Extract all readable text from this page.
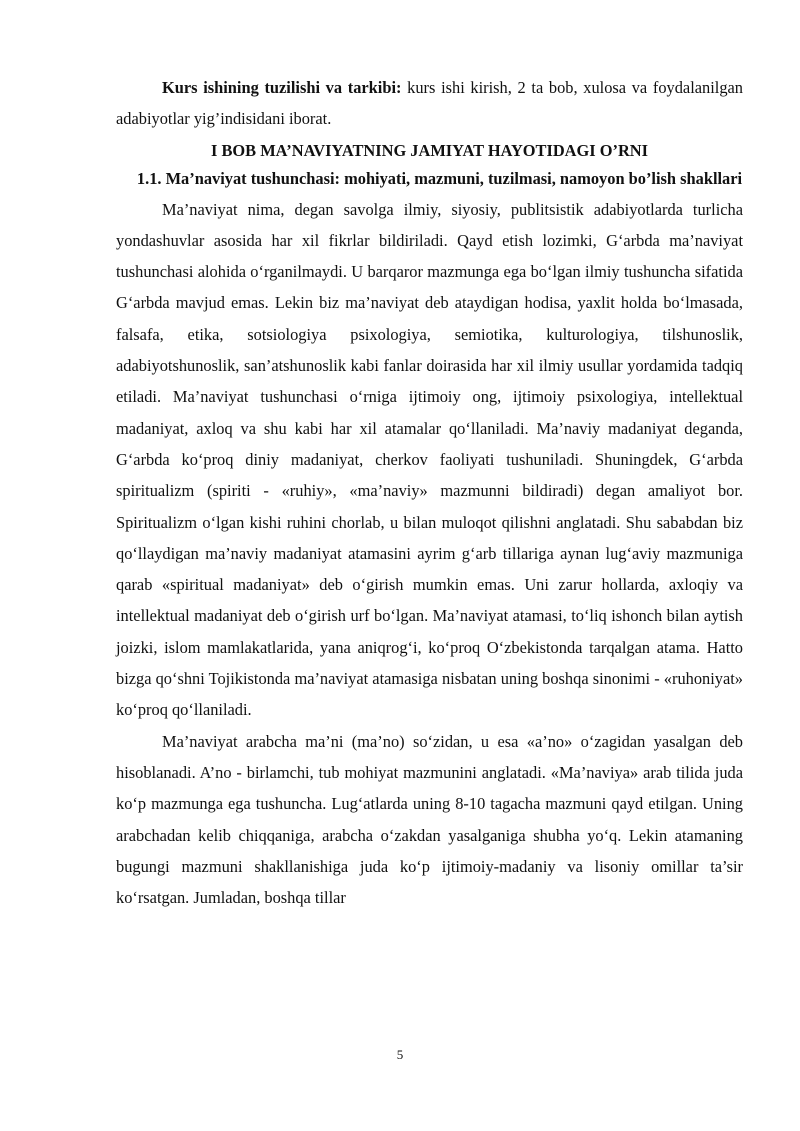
Kurs ishining tuzilishi va tarkibi: kurs ishi kirish, 2 ta bob, xulosa va foydalanilgan adabiyotlar yig’indisidani iborat.

I BOB MA’NAVIYATNING JAMIYAT HAYOTIDAGI O’RNI
1.1. Ma’naviyat tushunchasi: mohiyati, mazmuni, tuzilmasi, namoyon bo’lish shakllari

Ma’naviyat nima, degan savolga ilmiy, siyosiy, publitsistik adabiyotlarda turlicha yondashuvlar asosida har xil fikrlar bildiriladi. Qayd etish lozimki, G‘arbda ma’naviyat tushunchasi alohida o‘rganilmaydi. U barqaror mazmunga ega bo‘lgan ilmiy tushuncha sifatida G‘arbda mavjud emas. Lekin biz ma’naviyat deb ataydigan hodisa, yaxlit holda bo‘lmasada, falsafa, etika, sotsiologiya psixologiya, semiotika, kulturologiya, tilshunoslik, adabiyotshunoslik, san’atshunoslik kabi fanlar doirasida har xil ilmiy usullar yordamida tadqiq etiladi. Ma’naviyat tushunchasi o‘rniga ijtimoiy ong, ijtimoiy psixologiya, intellektual madaniyat, axloq va shu kabi har xil atamalar qo‘llaniladi. Ma’naviy madaniyat deganda, G‘arbda ko‘proq diniy madaniyat, cherkov faoliyati tushuniladi. Shuningdek, G‘arbda spiritualizm (spiriti - «ruhiy», «ma’naviy» mazmunni bildiradi) degan amaliyot bor. Spiritualizm o‘lgan kishi ruhini chorlab, u bilan muloqot qilishni anglatadi. Shu sababdan biz qo‘llaydigan ma’naviy madaniyat atamasini ayrim g‘arb tillariga aynan lug‘aviy mazmuniga qarab «spiritual madaniyat» deb o‘girish mumkin emas. Uni zarur hollarda, axloqiy va intellektual madaniyat deb o‘girish urf bo‘lgan. Ma’naviyat atamasi, to‘liq ishonch bilan aytish joizki, islom mamlakatlarida, yana aniqrog‘i, ko‘proq O‘zbekistonda tarqalgan atama. Hatto bizga qo‘shni Tojikistonda ma’naviyat atamasiga nisbatan uning boshqa sinonimi - «ruhoniyat» ko‘proq qo‘llaniladi.

Ma’naviyat arabcha ma’ni (ma’no) so‘zidan, u esa «a’no» o‘zagidan yasalgan deb hisoblanadi. A’no - birlamchi, tub mohiyat mazmunini anglatadi. «Ma’naviya» arab tilida juda ko‘p mazmunga ega tushuncha. Lug‘atlarda uning 8-10 tagacha mazmuni qayd etilgan. Uning arabchadan kelib chiqqaniga, arabcha o‘zakdan yasalganiga shubha yo‘q. Lekin atamaning bugungi mazmuni shakllanishiga juda ko‘p ijtimoiy-madaniy va lisoniy omillar ta’sir ko‘rsatgan. Jumladan, boshqa tillar

5
